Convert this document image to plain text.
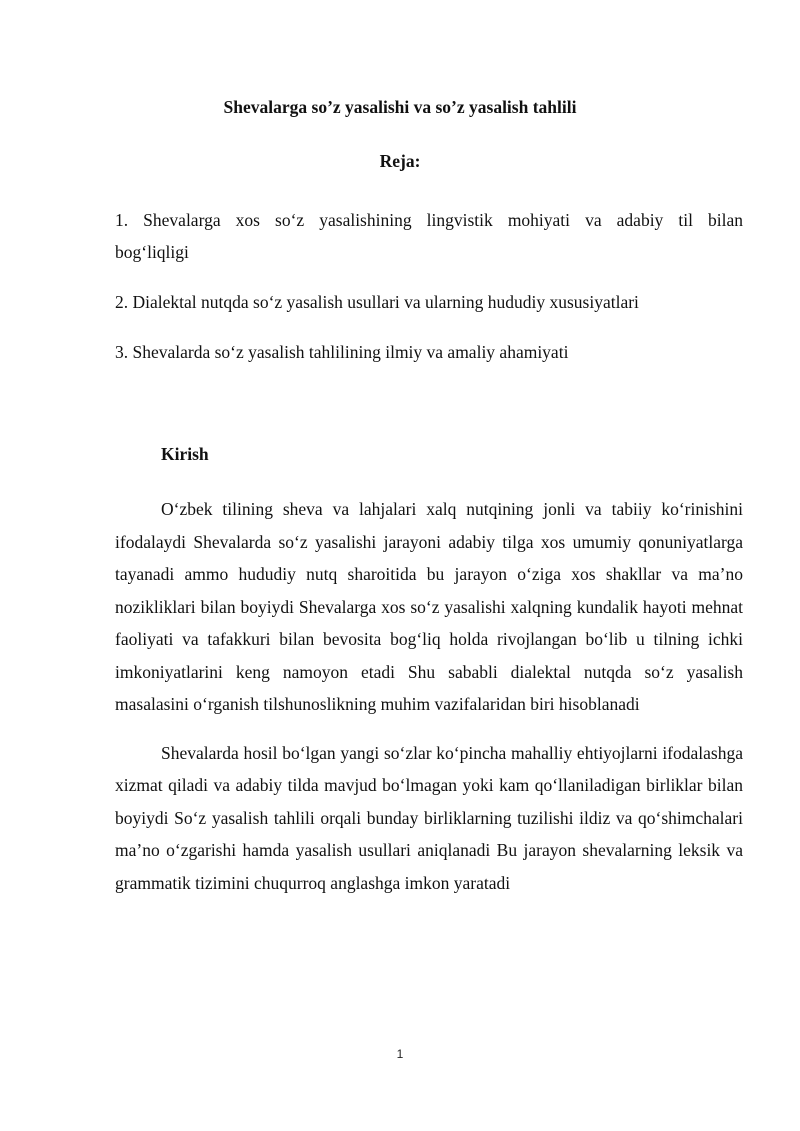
Shevalarga so’z yasalishi va so’z yasalish tahlili
Reja:
1. Shevalarga xos so‘z yasalishining lingvistik mohiyati va adabiy til bilan
bog‘liqligi
2. Dialektal nutqda so‘z yasalish usullari va ularning hududiy xususiyatlari
3. Shevalarda so‘z yasalish tahlilining ilmiy va amaliy ahamiyati
Kirish

O‘zbek tilining sheva va lahjalari xalq nutqining jonli va tabiiy ko‘rinishini ifodalaydi Shevalarda so‘z yasalishi jarayoni adabiy tilga xos umumiy qonuniyatlarga tayanadi ammo hududiy nutq sharoitida bu jarayon o‘ziga xos shakllar va ma’no nozikliklari bilan boyiydi Shevalarga xos so‘z yasalishi xalqning kundalik hayoti mehnat faoliyati va tafakkuri bilan bevosita bog‘liq holda rivojlangan bo‘lib u tilning ichki imkoniyatlarini keng namoyon etadi Shu sababli dialektal nutqda so‘z yasalish masalasini o‘rganish tilshunoslikning muhim vazifalaridan biri hisoblanadi

Shevalarda hosil bo‘lgan yangi so‘zlar ko‘pincha mahalliy ehtiyojlarni ifodalashga xizmat qiladi va adabiy tilda mavjud bo‘lmagan yoki kam qo‘llaniladigan birliklar bilan boyiydi So‘z yasalish tahlili orqali bunday birliklarning tuzilishi ildiz va qo‘shimchalari ma’no o‘zgarishi hamda yasalish usullari aniqlanadi Bu jarayon shevalarning leksik va grammatik tizimini chuqurroq anglashga imkon yaratadi

1
